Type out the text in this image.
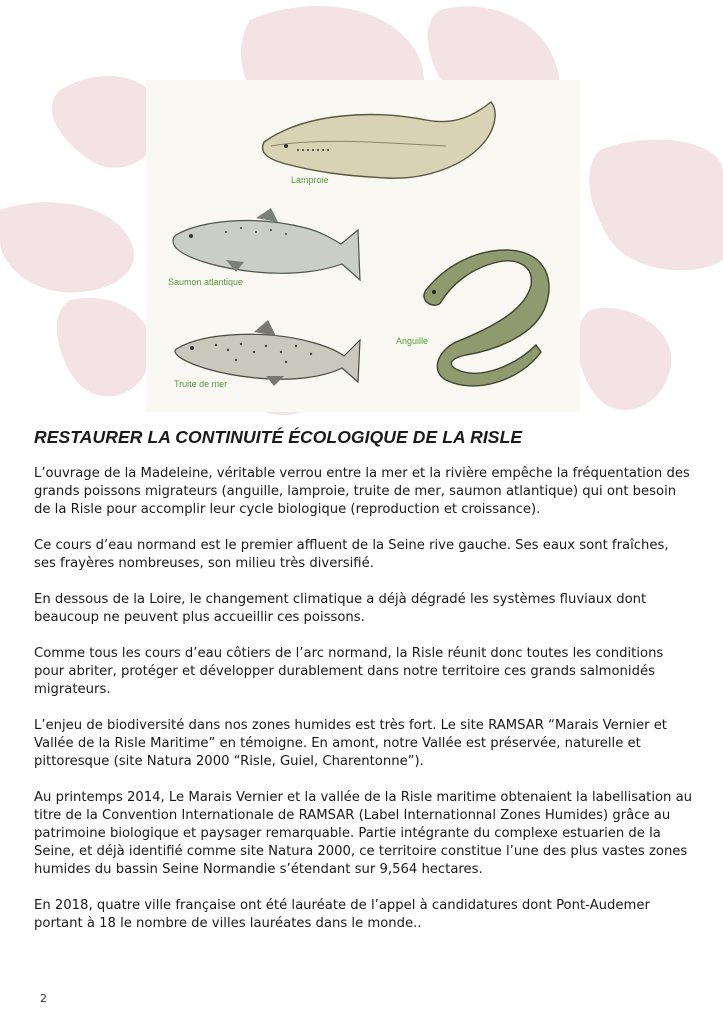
Lamproie
Saumon atlantique
Anguille
Truite de mer
RESTAURER LA CONTINUITÉ ÉCOLOGIQUE DE LA RISLE

L’ouvrage de la Madeleine, véritable verrou entre la mer et la rivière empêche la fréquentation des grands poissons migrateurs (anguille, lamproie, truite de mer, saumon atlantique) qui ont besoin de la Risle pour accomplir leur cycle biologique (reproduction et croissance).

Ce cours d’eau normand est le premier affluent de la Seine rive gauche. Ses eaux sont fraîches, ses frayères nombreuses, son milieu très diversifié.

En dessous de la Loire, le changement climatique a déjà dégradé les systèmes fluviaux dont beaucoup ne peuvent plus accueillir ces poissons.

Comme tous les cours d’eau côtiers de l’arc normand, la Risle réunit donc toutes les conditions pour abriter, protéger et développer durablement dans notre territoire ces grands salmonidés migrateurs.

L’enjeu de biodiversité dans nos zones humides est très fort. Le site RAMSAR “Marais Vernier et Vallée de la Risle Maritime” en témoigne. En amont, notre Vallée est préservée, naturelle et pittoresque (site Natura 2000 “Risle, Guiel, Charentonne”).

Au printemps 2014, Le Marais Vernier et la vallée de la Risle maritime obtenaient la labellisation au titre de la Convention Internationale de RAMSAR (Label Internationnal Zones Humides) grâce au patrimoine biologique et paysager remarquable. Partie intégrante du complexe estuarien de la Seine, et déjà identifié comme site Natura 2000, ce territoire constitue l’une des plus vastes zones humides du bassin Seine Normandie s’étendant sur 9,564 hectares.

En 2018, quatre ville française ont été lauréate de l’appel à candidatures dont Pont-Audemer portant à 18 le nombre de villes lauréates dans le monde..

2
